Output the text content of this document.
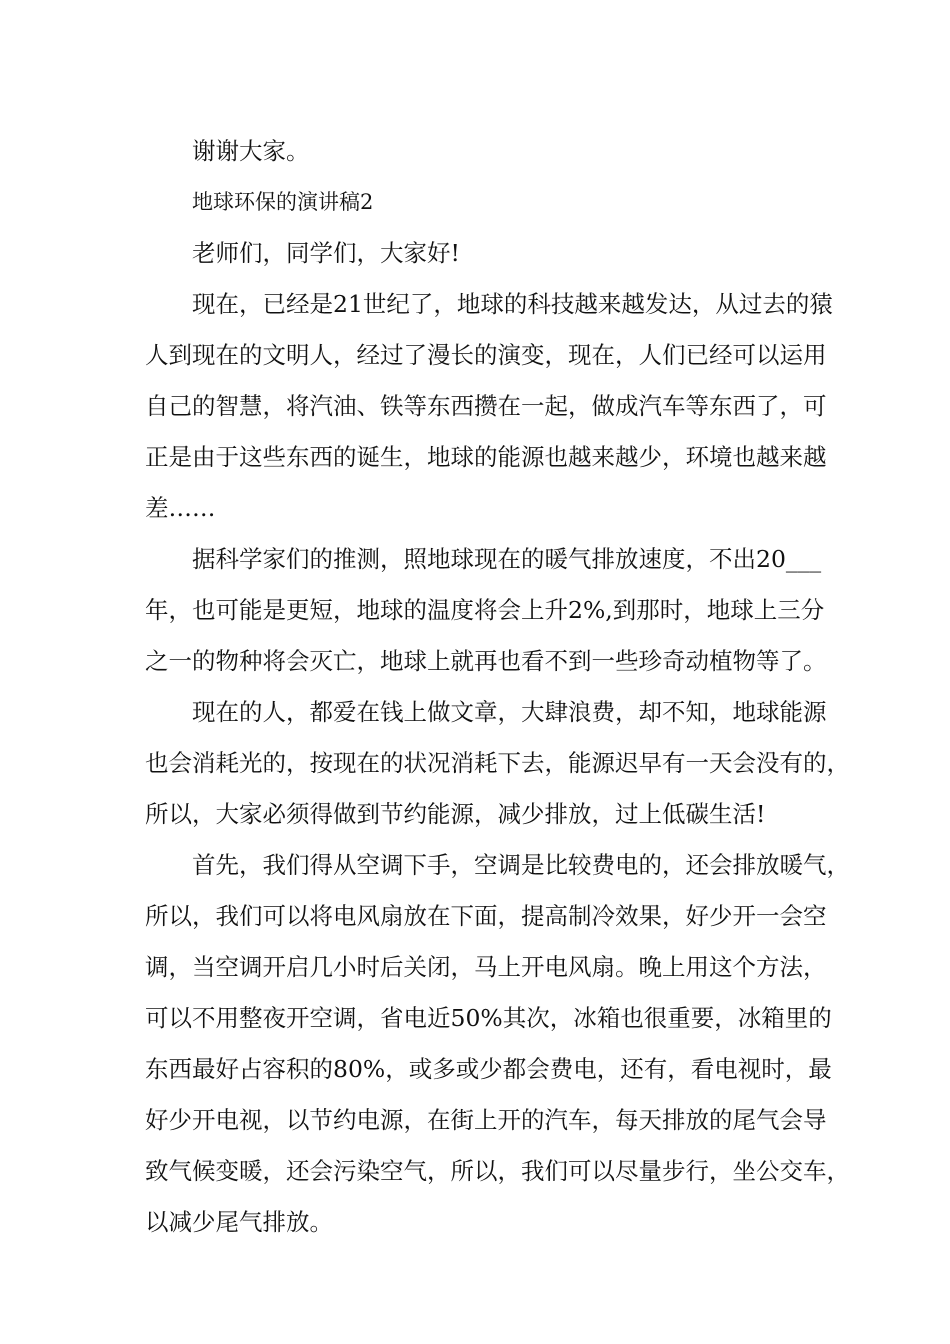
谢谢大家。
地球环保的演讲稿2
老师们，同学们，大家好!
现在，已经是21世纪了，地球的科技越来越发达，从过去的猿
人到现在的文明人，经过了漫长的演变，现在，人们已经可以运用
自己的智慧，将汽油、铁等东西攒在一起，做成汽车等东西了，可
正是由于这些东西的诞生，地球的能源也越来越少，环境也越来越
差……
据科学家们的推测，照地球现在的暖气排放速度，不出20___
年，也可能是更短，地球的温度将会上升2%,到那时，地球上三分
之一的物种将会灭亡，地球上就再也看不到一些珍奇动植物等了。
现在的人，都爱在钱上做文章，大肆浪费，却不知，地球能源
也会消耗光的，按现在的状况消耗下去，能源迟早有一天会没有的，
所以，大家必须得做到节约能源，减少排放，过上低碳生活!
首先，我们得从空调下手，空调是比较费电的，还会排放暖气，
所以，我们可以将电风扇放在下面，提高制冷效果，好少开一会空
调，当空调开启几小时后关闭，马上开电风扇。晚上用这个方法，
可以不用整夜开空调，省电近50%其次，冰箱也很重要，冰箱里的
东西最好占容积的80%，或多或少都会费电，还有，看电视时，最
好少开电视，以节约电源，在街上开的汽车，每天排放的尾气会导
致气候变暖，还会污染空气，所以，我们可以尽量步行，坐公交车，
以减少尾气排放。
